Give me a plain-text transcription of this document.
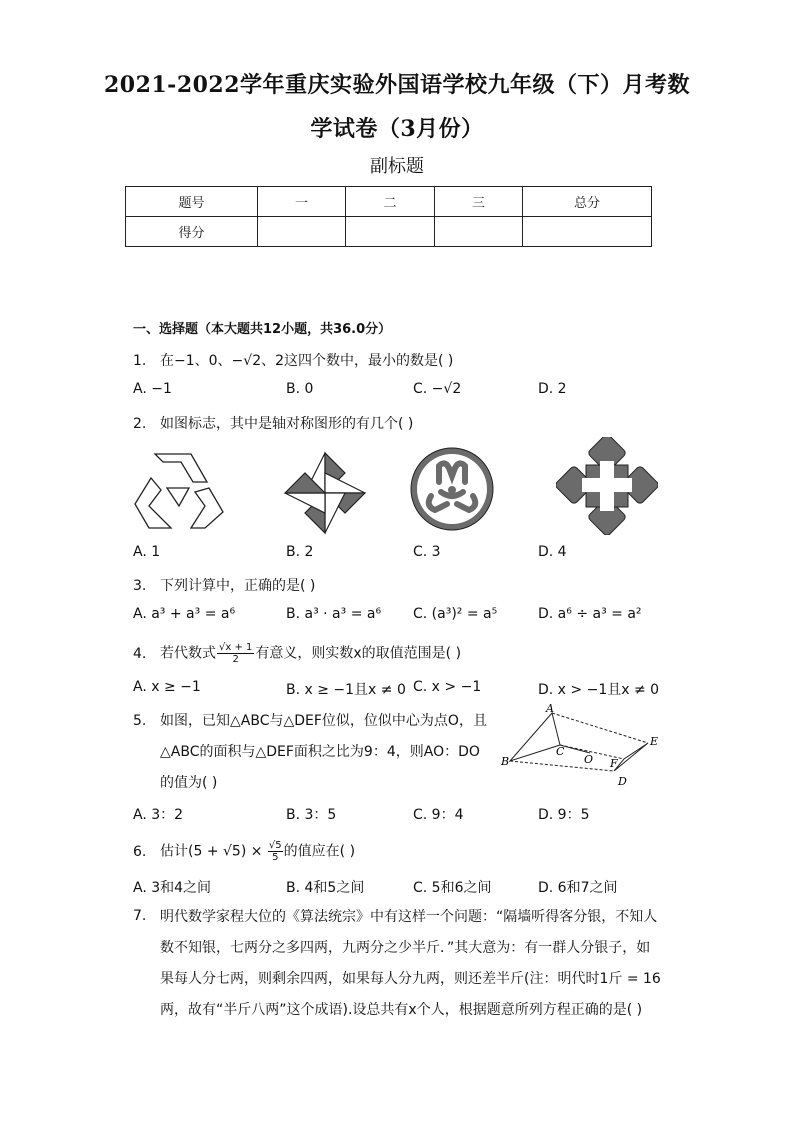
2021-2022学年重庆实验外国语学校九年级（下）月考数
学试卷（3月份）
副标题
题号	一	二	三	总分
得分				
一、选择题（本大题共12小题，共36.0分）
1. 在−1、0、−√2、2这四个数中，最小的数是( )
A. −1	B. 0	C. −√2	D. 2
2. 如图标志，其中是轴对称图形的有几个( )
A. 1	B. 2	C. 3	D. 4
3. 下列计算中，正确的是( )
A. a³ + a³ = a⁶	B. a³ · a³ = a⁶ C. (a³)² = a⁵	D. a⁶ ÷ a³ = a²
4. 若代数式 $\frac{√x + 1}{2}$ 有意义，则实数x的取值范围是( )
A. x ≥ −1	B. x ≥ −1且x ≠ 0 C. x > −1	D. x > −1且x ≠ 0
5. 如图，已知△ABC与△DEF位似，位似中心为点O，且
△ABC的面积与△DEF面积之比为9：4，则AO：DO
的值为( )
A
B
C
O F
E
D
A. 3：2	B. 3：5	C. 9：4	D. 9：5
6. 估计$(5 + √5) \times \frac{√5}{5}$ 的值应在( )
A. 3和4之间	B. 4和5之间	C. 5和6之间	D. 6和7之间
7. 明代数学家程大位的《算法统宗》中有这样一个问题：“隔墙听得客分银，不知人
数不知银，七两分之多四两，九两分之少半斤．”其大意为：有一群人分银子，如
果每人分七两，则剩余四两，如果每人分九两，则还差半斤(注：明代时1斤 = 16
两，故有“半斤八两”这个成语).设总共有x个人，根据题意所列方程正确的是( )
